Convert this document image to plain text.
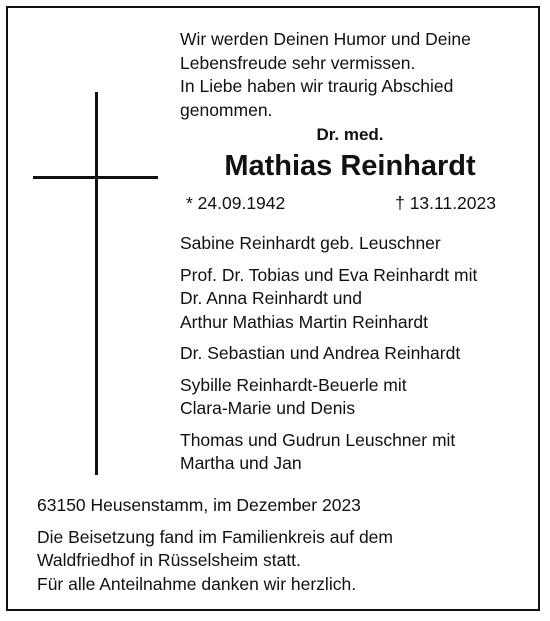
Wir werden Deinen Humor und Deine
Lebensfreude sehr vermissen.
In Liebe haben wir traurig Abschied
genommen.
Dr. med.
Mathias Reinhardt
* 24.09.1942	† 13.11.2023
Sabine Reinhardt geb. Leuschner
Prof. Dr. Tobias und Eva Reinhardt mit
Dr. Anna Reinhardt und
Arthur Mathias Martin Reinhardt
Dr. Sebastian und Andrea Reinhardt
Sybille Reinhardt-Beuerle mit
Clara-Marie und Denis
Thomas und Gudrun Leuschner mit
Martha und Jan
63150 Heusenstamm, im Dezember 2023
Die Beisetzung fand im Familienkreis auf dem
Waldfriedhof in Rüsselsheim statt.
Für alle Anteilnahme danken wir herzlich.
